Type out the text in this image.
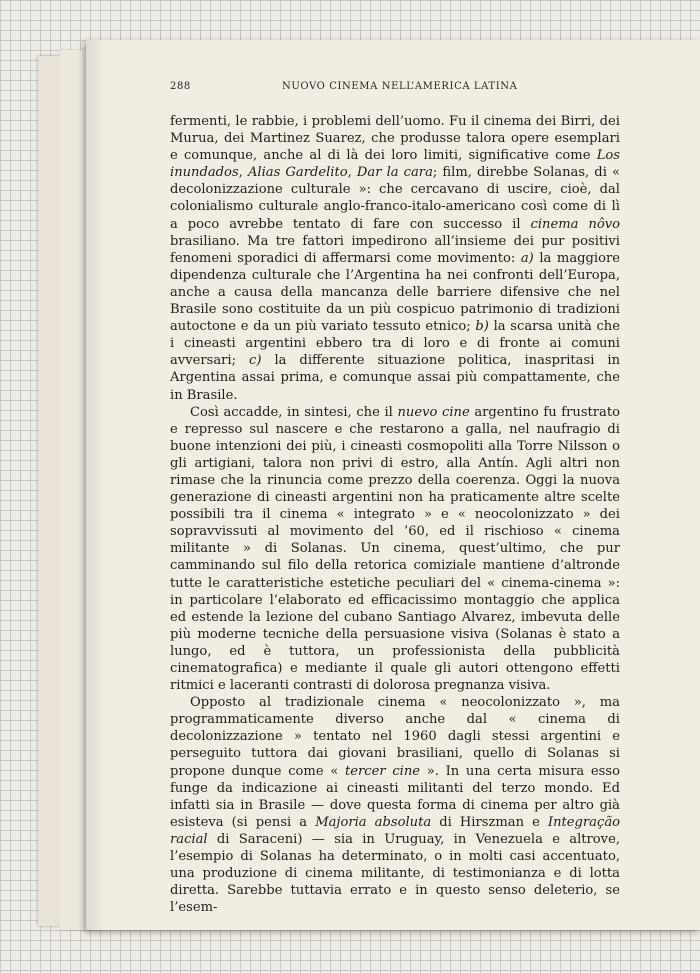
288	NUOVO CINEMA NELL’AMERICA LATINA

fermenti, le rabbie, i problemi dell’uomo. Fu il cinema dei Birri, dei Murua, dei Martinez Suarez, che produsse talora opere esemplari e comunque, anche al di là dei loro limiti, significative come Los inundados, Alias Gardelito, Dar la cara; film, direbbe Solanas, di « decolonizzazione culturale »: che cercavano di uscire, cioè, dal colonialismo culturale anglo-franco-italo-americano così come di lì a poco avrebbe tentato di fare con successo il cinema nôvo brasiliano. Ma tre fattori impedirono all’insieme dei pur positivi fenomeni sporadici di affermarsi come movimento: a) la maggiore dipendenza culturale che l’Argentina ha nei confronti dell’Europa, anche a causa della mancanza delle barriere difensive che nel Brasile sono costituite da un più cospicuo patrimonio di tradizioni autoctone e da un più variato tessuto etnico; b) la scarsa unità che i cineasti argentini ebbero tra di loro e di fronte ai comuni avversari; c) la differente situazione politica, inaspritasi in Argentina assai prima, e comunque assai più compattamente, che in Brasile.

Così accadde, in sintesi, che il nuevo cine argentino fu frustrato e represso sul nascere e che restarono a galla, nel naufragio di buone intenzioni dei più, i cineasti cosmopoliti alla Torre Nilsson o gli artigiani, talora non privi di estro, alla Antín. Agli altri non rimase che la rinuncia come prezzo della coerenza. Oggi la nuova generazione di cineasti argentini non ha praticamente altre scelte possibili tra il cinema « integrato » e « neocolonizzato » dei sopravvissuti al movimento del ’60, ed il rischioso « cinema militante » di Solanas. Un cinema, quest’ultimo, che pur camminando sul filo della retorica comiziale mantiene d’altronde tutte le caratteristiche estetiche peculiari del « cinema-cinema »: in particolare l’elaborato ed efficacissimo montaggio che applica ed estende la lezione del cubano Santiago Alvarez, imbevuta delle più moderne tecniche della persuasione visiva (Solanas è stato a lungo, ed è tuttora, un professionista della pubblicità cinematografica) e mediante il quale gli autori ottengono effetti ritmici e laceranti contrasti di dolorosa pregnanza visiva.

Opposto al tradizionale cinema « neocolonizzato », ma programmaticamente diverso anche dal « cinema di decolonizzazione » tentato nel 1960 dagli stessi argentini e perseguito tuttora dai giovani brasiliani, quello di Solanas si propone dunque come « tercer cine ». In una certa misura esso funge da indicazione ai cineasti militanti del terzo mondo. Ed infatti sia in Brasile — dove questa forma di cinema per altro già esisteva (si pensi a Majoria absoluta di Hirszman e Integração racial di Saraceni) — sia in Uruguay, in Venezuela e altrove, l’esempio di Solanas ha determinato, o in molti casi accentuato, una produzione di cinema militante, di testimonianza e di lotta diretta. Sarebbe tuttavia errato e in questo senso deleterio, se l’esem-
